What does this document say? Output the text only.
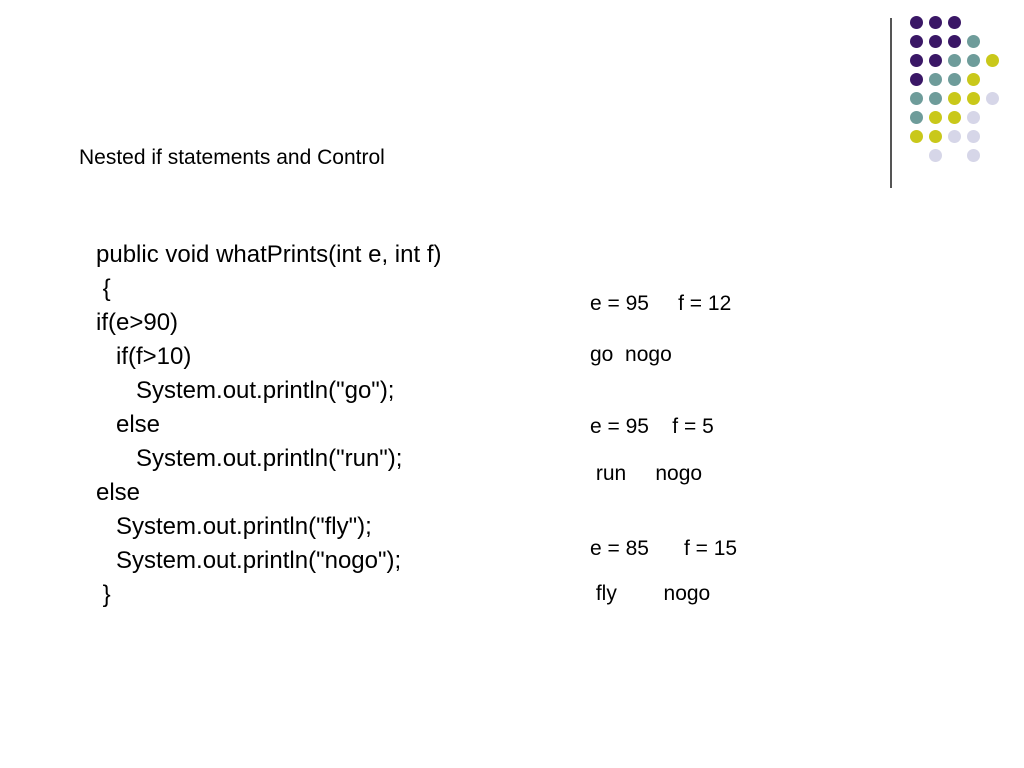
Nested if statements and Control
public void whatPrints(int e, int f)
{
if(e>90)
if(f>10)
System.out.println("go");
else
System.out.println("run");
else
System.out.println("fly");
System.out.println("nogo");
}
e = 95     f = 12
go  nogo
e = 95    f = 5
run     nogo
e = 85      f = 15
fly        nogo
